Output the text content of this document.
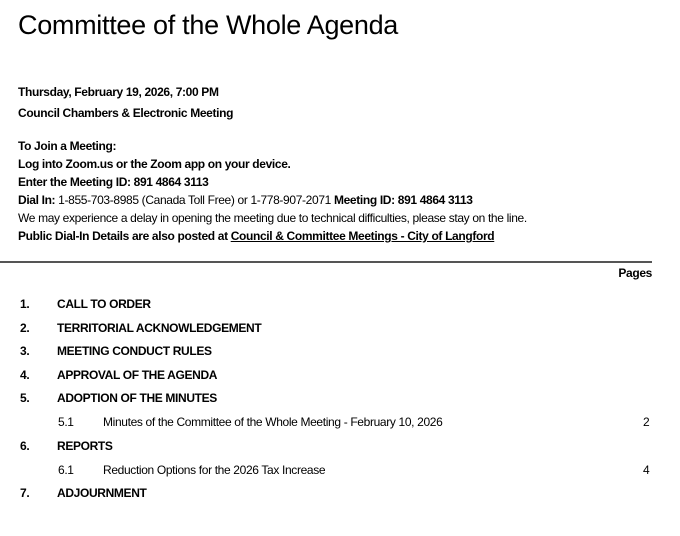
Committee of the Whole Agenda
Thursday, February 19, 2026, 7:00 PM
Council Chambers & Electronic Meeting
To Join a Meeting:
Log into Zoom.us or the Zoom app on your device.
Enter the Meeting ID: 891 4864 3113
Dial In: 1-855-703-8985 (Canada Toll Free) or 1-778-907-2071 Meeting ID: 891 4864 3113
We may experience a delay in opening the meeting due to technical difficulties, please stay on the line.
Public Dial-In Details are also posted at Council & Committee Meetings - City of Langford
Pages
1. CALL TO ORDER
2. TERRITORIAL ACKNOWLEDGEMENT
3. MEETING CONDUCT RULES
4. APPROVAL OF THE AGENDA
5. ADOPTION OF THE MINUTES
5.1 Minutes of the Committee of the Whole Meeting - February 10, 2026	2
6. REPORTS
6.1 Reduction Options for the 2026 Tax Increase	4
7. ADJOURNMENT
